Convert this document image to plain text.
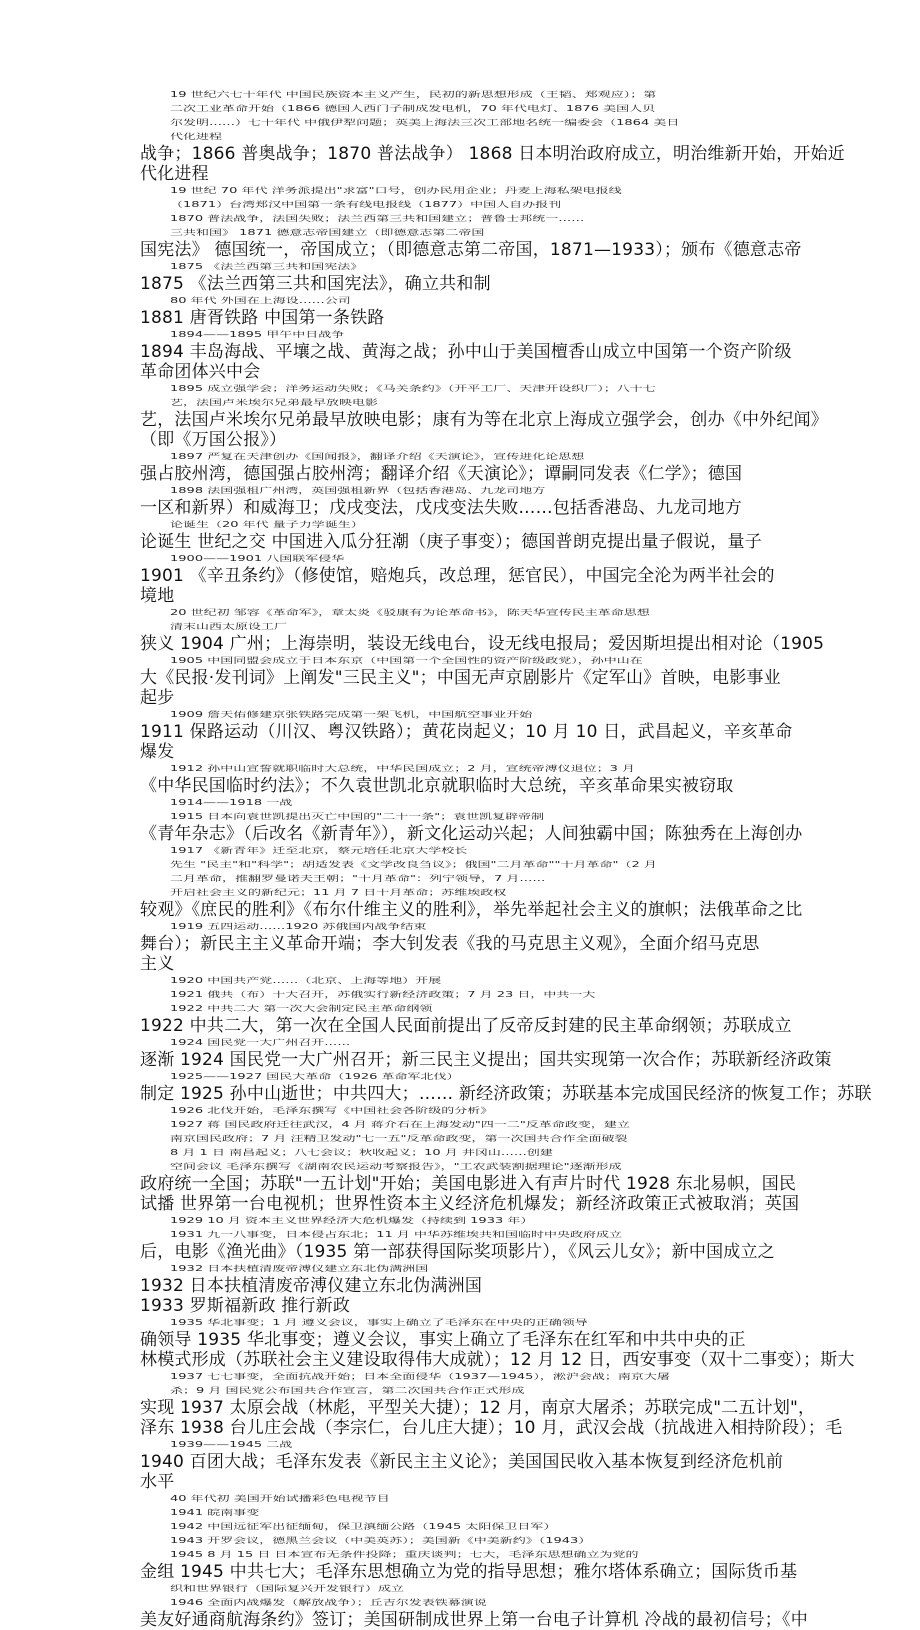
19 世纪六七十年代 中国民族资本主义产生，民初的新思想形成（王韬、郑观应）；第
二次工业革命开始（1866 德国人西门子制成发电机，70 年代电灯、1876 美国人贝
尔发明……）七十年代 中俄伊犁问题；英美上海法三次工部地名统一编委会（1864 美日
代化进程
战争；1866 普奥战争；1870 普法战争） 1868 日本明治政府成立，明治维新开始，开始近
代化进程
19 世纪 70 年代 洋务派提出"求富"口号，创办民用企业；丹麦上海私架电报线
（1871）台湾郑汉中国第一条有线电报线（1877）中国人自办报刊
1870 普法战争，法国失败；法兰西第三共和国建立；普鲁士邦统一……
三共和国》 1871 德意志帝国建立（即德意志第二帝国
国宪法》 德国统一，帝国成立；（即德意志第二帝国，1871—1933）；颁布《德意志帝
1875 《法兰西第三共和国宪法》
1875 《法兰西第三共和国宪法》，确立共和制
80 年代 外国在上海设……公司
1881 唐胥铁路 中国第一条铁路
1894——1895 甲午中日战争
1894 丰岛海战、平壤之战、黄海之战；孙中山于美国檀香山成立中国第一个资产阶级
革命团体兴中会
1895 成立强学会；洋务运动失败；《马关条约》（开平工厂、天津开设织厂）；八十七
艺，法国卢米埃尔兄弟最早放映电影
艺，法国卢米埃尔兄弟最早放映电影；康有为等在北京上海成立强学会，创办《中外纪闻》
（即《万国公报》）
1897 严复在天津创办《国闻报》，翻译介绍《天演论》，宣传进化论思想
强占胶州湾，德国强占胶州湾；翻译介绍《天演论》；谭嗣同发表《仁学》；德国
1898 法国强租广州湾，英国强租新界（包括香港岛、九龙司地方
一区和新界）和威海卫；戊戌变法，戊戌变法失败……包括香港岛、九龙司地方
论诞生（20 年代 量子力学诞生）
论诞生 世纪之交 中国进入瓜分狂潮（庚子事变）；德国普朗克提出量子假说，量子
1900——1901 八国联军侵华
1901 《辛丑条约》（修使馆，赔炮兵，改总理，惩官民），中国完全沦为两半社会的
境地
20 世纪初 邹容《革命军》，章太炎《驳康有为论革命书》，陈天华宣传民主革命思想
清末山西太原设工厂
狭义 1904 广州；上海崇明，装设无线电台，设无线电报局；爱因斯坦提出相对论（1905
1905 中国同盟会成立于日本东京（中国第一个全国性的资产阶级政党），孙中山在
大《民报·发刊词》上阐发"三民主义"；中国无声京剧影片《定军山》首映，电影事业
起步
1909 詹天佑修建京张铁路完成第一架飞机，中国航空事业开始
1911 保路运动（川汉、粤汉铁路）；黄花岗起义；10 月 10 日，武昌起义，辛亥革命
爆发
1912 孙中山宣誓就职临时大总统，中华民国成立；2 月，宣统帝溥仪退位；3 月
《中华民国临时约法》；不久袁世凯北京就职临时大总统，辛亥革命果实被窃取
1914——1918 一战
1915 日本向袁世凯提出灭亡中国的"二十一条"；袁世凯复辟帝制
《青年杂志》（后改名《新青年》），新文化运动兴起；人间独霸中国；陈独秀在上海创办
1917 《新青年》迁至北京，蔡元培任北京大学校长
先生 "民主"和"科学"；胡适发表《文学改良刍议》；俄国"二月革命""十月革命"（2 月
二月革命，推翻罗曼诺夫王朝；"十月革命"：列宁领导，7 月……
开启社会主义的新纪元；11 月 7 日十月革命；苏维埃政权
较观》《庶民的胜利》《布尔什维主义的胜利》，举先举起社会主义的旗帜；法俄革命之比
1919 五四运动……1920 苏俄国内战争结束
舞台）；新民主主义革命开端；李大钊发表《我的马克思主义观》，全面介绍马克思
主义
1920 中国共产党……（北京、上海等地）开展
1921 俄共（布）十大召开，苏俄实行新经济政策；7 月 23 日，中共一大
1922 中共二大 第一次大会制定民主革命纲领
1922 中共二大，第一次在全国人民面前提出了反帝反封建的民主革命纲领；苏联成立
1924 国民党一大广州召开……
逐渐 1924 国民党一大广州召开；新三民主义提出；国共实现第一次合作；苏联新经济政策
1925——1927 国民大革命（1926 革命军北伐）
制定 1925 孙中山逝世；中共四大；…… 新经济政策；苏联基本完成国民经济的恢复工作；苏联
1926 北伐开始，毛泽东撰写《中国社会各阶级的分析》
1927 蒋 国民政府迁往武汉，4 月 蒋介石在上海发动"四一二"反革命政变，建立
南京国民政府；7 月 汪精卫发动"七一五"反革命政变，第一次国共合作全面破裂
8 月 1 日 南昌起义；八七会议；秋收起义；10 月 井冈山……创建
空间会议 毛泽东撰写《湖南农民运动考察报告》，"工农武装割据理论"逐渐形成
政府统一全国；苏联"一五计划"开始；美国电影进入有声片时代 1928 东北易帜，国民
试播 世界第一台电视机；世界性资本主义经济危机爆发；新经济政策正式被取消；英国
1929 10 月 资本主义世界经济大危机爆发（持续到 1933 年）
1931 九一八事变，日本侵占东北；11 月 中华苏维埃共和国临时中央政府成立
后，电影《渔光曲》（1935 第一部获得国际奖项影片），《风云儿女》；新中国成立之
1932 日本扶植清废帝溥仪建立东北伪满洲国
1932 日本扶植清废帝溥仪建立东北伪满洲国
1933 罗斯福新政 推行新政
1935 华北事变；1 月 遵义会议，事实上确立了毛泽东在中央的正确领导
确领导 1935 华北事变；遵义会议，事实上确立了毛泽东在红军和中共中央的正
林模式形成（苏联社会主义建设取得伟大成就）；12 月 12 日，西安事变（双十二事变）；斯大
1937 七七事变，全面抗战开始；日本全面侵华（1937—1945），淞沪会战；南京大屠
杀；9 月 国民党公布国共合作宣言，第二次国共合作正式形成
实现 1937 太原会战（林彪，平型关大捷）；12 月，南京大屠杀；苏联完成"二五计划"，
泽东 1938 台儿庄会战（李宗仁，台儿庄大捷）；10 月，武汉会战（抗战进入相持阶段）；毛
1939——1945 二战
1940 百团大战；毛泽东发表《新民主主义论》；美国国民收入基本恢复到经济危机前
水平
40 年代初 美国开始试播彩色电视节目
1941 皖南事变
1942 中国远征军出征缅甸，保卫滇缅公路（1945 太阳保卫日军）
1943 开罗会议，德黑兰会议（中美英苏）；美国新《中美新约》（1943）
1945 8 月 15 日 日本宣布无条件投降；重庆谈判；七大，毛泽东思想确立为党的
金组 1945 中共七大；毛泽东思想确立为党的指导思想；雅尔塔体系确立；国际货币基
织和世界银行（国际复兴开发银行）成立
1946 全面内战爆发（解放战争）；丘吉尔发表铁幕演说
美友好通商航海条约》签订；美国研制成世界上第一台电子计算机 冷战的最初信号；《中
